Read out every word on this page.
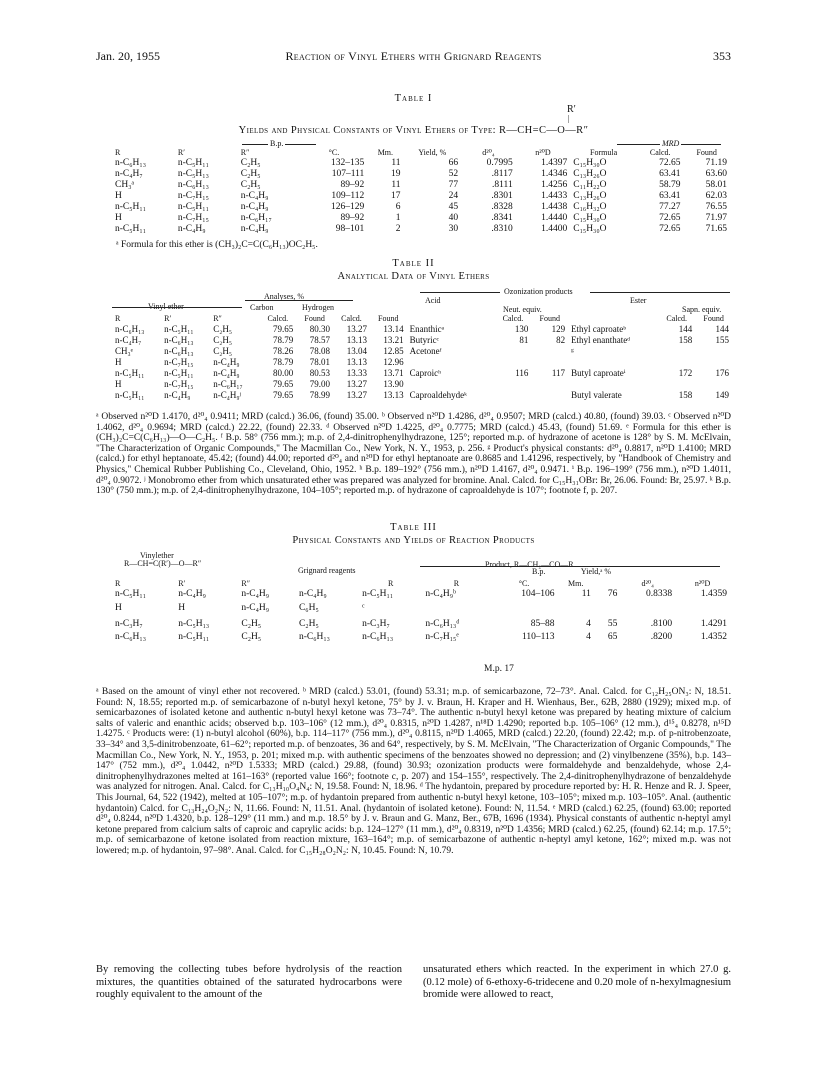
Jan. 20, 1955	Reaction of Vinyl Ethers with Grignard Reagents	353
Table I
R′
|
Yields and Physical Constants of Vinyl Ethers of Type: R—CH=C—O—R″
B.p.	MRD
R	R′	R″	°C.	Mm.	Yield, %	d²⁰₄	n²⁰D	Formula	Calcd.	Found
n-C₆H₁₃	n-C₅H₁₁	C₂H₅	132–135	11	66	0.7995	1.4397	C₁₅H₃₀O	72.65	71.19
n-C₄H₇	n-C₅H₁₃	C₂H₅	107–111	19	52	.8117	1.4346	C₁₃H₂₆O	63.41	63.60
CH₃ᵃ	n-C₆H₁₃	C₂H₅	89–92	11	77	.8111	1.4256	C₁₁H₂₂O	58.79	58.01
H	n-C₇H₁₅	n-C₄H₉	109–112	17	24	.8301	1.4433	C₁₃H₂₆O	63.41	62.03
n-C₅H₁₁	n-C₅H₁₁	n-C₄H₉	126–129	6	45	.8328	1.4438	C₁₆H₃₂O	77.27	76.55
H	n-C₇H₁₅	n-C₆H₁₇	89–92	1	40	.8341	1.4440	C₁₅H₃₀O	72.65	71.97
n-C₅H₁₁	n-C₄H₉	n-C₄H₉	98–101	2	30	.8310	1.4400	C₁₅H₃₀O	72.65	71.65
ᵃ Formula for this ether is (CH₃)₂C=C(C₆H₁₃)OC₂H₅.
Table II
Analytical Data of Vinyl Ethers
Ozonization products
Analyses, %	Acid	Ester
Vinyl ether	Carbon	Hydrogen	Neut. equiv.	Sapn. equiv.
R	R′	R″	Calcd.	Found	Calcd.	Found		Calcd.	Found		Calcd.	Found
n-C₆H₁₃	n-C₅H₁₁	C₂H₅	79.65	80.30	13.27	13.14	Enanthicᵃ	130	129	Ethyl caproateᵇ	144	144
n-C₄H₇	n-C₆H₁₃	C₂H₅	78.79	78.57	13.13	13.21	Butyricᶜ	81	82	Ethyl enanthateᵈ	158	155
CH₃ᵉ	n-C₆H₁₃	C₂H₅	78.26	78.08	13.04	12.85	Acetoneᶠ			ᵍ		
H	n-C₇H₁₅	n-C₄H₉	78.79	78.01	13.13	12.96						
n-C₅H₁₁	n-C₅H₁₁	n-C₄H₉	80.00	80.53	13.33	13.71	Caproicʰ	116	117	Butyl caproateⁱ	172	176
H	n-C₇H₁₅	n-C₆H₁₇	79.65	79.00	13.27	13.90						
n-C₅H₁₁	n-C₄H₉	n-C₄H₉ʲ	79.65	78.99	13.27	13.13	Caproaldehydeᵏ			Butyl valerate	158	149
ᵃ Observed n²⁰D 1.4170, d²⁰₄ 0.9411; MRD (calcd.) 36.06, (found) 35.00. ᵇ Observed n²⁰D 1.4286, d²⁰₄ 0.9507; MRD (calcd.) 40.80, (found) 39.03. ᶜ Observed n²⁰D 1.4062, d²⁰₄ 0.9694; MRD (calcd.) 22.22, (found) 22.33. ᵈ Observed n²⁰D 1.4225, d²⁰₄ 0.7775; MRD (calcd.) 45.43, (found) 51.69. ᵉ Formula for this ether is (CH₃)₂C=C(C₆H₁₃)—O—C₂H₅. ᶠ B.p. 58° (756 mm.); m.p. of 2,4-dinitrophenylhydrazone, 125°; reported m.p. of hydrazone of acetone is 128° by S. M. McElvain, "The Characterization of Organic Compounds," The Macmillan Co., New York, N. Y., 1953, p. 256. ᵍ Product's physical constants: d²⁰₄ 0.8817, n²⁰D 1.4100; MRD (calcd.) for ethyl heptanoate, 45.42; (found) 44.00; reported d²⁰₄ and n²⁰D for ethyl heptanoate are 0.8685 and 1.41296, respectively, by "Handbook of Chemistry and Physics," Chemical Rubber Publishing Co., Cleveland, Ohio, 1952. ʰ B.p. 189–192° (756 mm.), n²⁰D 1.4167, d²⁰₄ 0.9471. ⁱ B.p. 196–199° (756 mm.), n²⁰D 1.4011, d²⁰₄ 0.9072. ʲ Monobromo ether from which unsaturated ether was prepared was analyzed for bromine. Anal. Calcd. for C₁₅H₃₁OBr: Br, 26.06. Found: Br, 25.97. ᵏ B.p. 130° (750 mm.); m.p. of 2,4-dinitrophenylhydrazone, 104–105°; reported m.p. of hydrazone of caproaldehyde is 107°; footnote f, p. 207.
Table III
Physical Constants and Yields of Reaction Products
Vinylether
R—CH=C(R′)—O—R″	Product, R—CH₂—CO—R
B.p.	Yield,ᵃ %
Grignard reagents
R	R′	R″		R	R	°C.	Mm.		d²⁰₄	n²⁰D
n-C₅H₁₁	n-C₄H₉	n-C₄H₉	n-C₄H₉	n-C₅H₁₁	n-C₄H₉ᵇ	104–106	11	76	0.8338	1.4359
H	H	n-C₄H₉	C₆H₅	ᶜ						
n-C₃H₇	n-C₅H₁₃	C₂H₅	C₂H₅	n-C₃H₇	n-C₆H₁₃ᵈ	85–88	4	55	.8100	1.4291
n-C₆H₁₃	n-C₅H₁₁	C₂H₅	n-C₆H₁₃	n-C₆H₁₃	n-C₇H₁₅ᵉ	110–113	4	65	.8200	1.4352
M.p. 17
ᵃ Based on the amount of vinyl ether not recovered. ᵇ MRD (calcd.) 53.01, (found) 53.31; m.p. of semicarbazone, 72–73°. Anal. Calcd. for C₁₂H₂₅ON₃: N, 18.51. Found: N, 18.55; reported m.p. of semicarbazone of n-butyl hexyl ketone, 75° by J. v. Braun, H. Kraper and H. Wienhaus, Ber., 62B, 2880 (1929); mixed m.p. of semicarbazones of isolated ketone and authentic n-butyl hexyl ketone was 73–74°. The authentic n-butyl hexyl ketone was prepared by heating mixture of calcium salts of valeric and enanthic acids; observed b.p. 103–106° (12 mm.), d²⁰₄ 0.8315, n²⁰D 1.4287, n¹⁸D 1.4290; reported b.p. 105–106° (12 mm.), d¹⁵₄ 0.8278, n¹⁵D 1.4275. ᶜ Products were: (1) n-butyl alcohol (60%), b.p. 114–117° (756 mm.), d²⁰₄ 0.8115, n²⁰D 1.4065, MRD (calcd.) 22.20, (found) 22.42; m.p. of p-nitrobenzoate, 33–34° and 3,5-dinitrobenzoate, 61–62°; reported m.p. of benzoates, 36 and 64°, respectively, by S. M. McElvain, "The Characterization of Organic Compounds," The Macmillan Co., New York, N. Y., 1953, p. 201; mixed m.p. with authentic specimens of the benzoates showed no depression; and (2) vinylbenzene (35%), b.p. 143–147° (752 mm.), d²⁰₄ 1.0442, n²⁰D 1.5333; MRD (calcd.) 29.88, (found) 30.93; ozonization products were formaldehyde and benzaldehyde, whose 2,4-dinitrophenylhydrazones melted at 161–163° (reported value 166°; footnote c, p. 207) and 154–155°, respectively. The 2,4-dinitrophenylhydrazone of benzaldehyde was analyzed for nitrogen. Anal. Calcd. for C₁₃H₁₀O₄N₄: N, 19.58. Found: N, 18.96. ᵈ The hydantoin, prepared by procedure reported by: H. R. Henze and R. J. Speer, This Journal, 64, 522 (1942), melted at 105–107°; m.p. of hydantoin prepared from authentic n-butyl hexyl ketone, 103–105°; mixed m.p. 103–105°. Anal. (authentic hydantoin) Calcd. for C₁₃H₂₄O₂N₂: N, 11.66. Found: N, 11.51. Anal. (hydantoin of isolated ketone). Found: N, 11.54. ᵉ MRD (calcd.) 62.25, (found) 63.00; reported d²⁰₄ 0.8244, n²⁰D 1.4320, b.p. 128–129° (11 mm.) and m.p. 18.5° by J. v. Braun and G. Manz, Ber., 67B, 1696 (1934). Physical constants of authentic n-heptyl amyl ketone prepared from calcium salts of caproic and caprylic acids: b.p. 124–127° (11 mm.), d²⁰₄ 0.8319, n²⁰D 1.4356; MRD (calcd.) 62.25, (found) 62.14; m.p. 17.5°; m.p. of semicarbazone of ketone isolated from reaction mixture, 163–164°; m.p. of semicarbazone of authentic n-heptyl amyl ketone, 162°; mixed m.p. was not lowered; m.p. of hydantoin, 97–98°. Anal. Calcd. for C₁₅H₂₈O₂N₂: N, 10.45. Found: N, 10.79.
By removing the collecting tubes before hydrolysis of the reaction mixtures, the quantities obtained of the saturated hydrocarbons were roughly equivalent to the amount of the
unsaturated ethers which reacted. In the experiment in which 27.0 g. (0.12 mole) of 6-ethoxy-6-tridecene and 0.20 mole of n-hexylmagnesium bromide were allowed to react,
